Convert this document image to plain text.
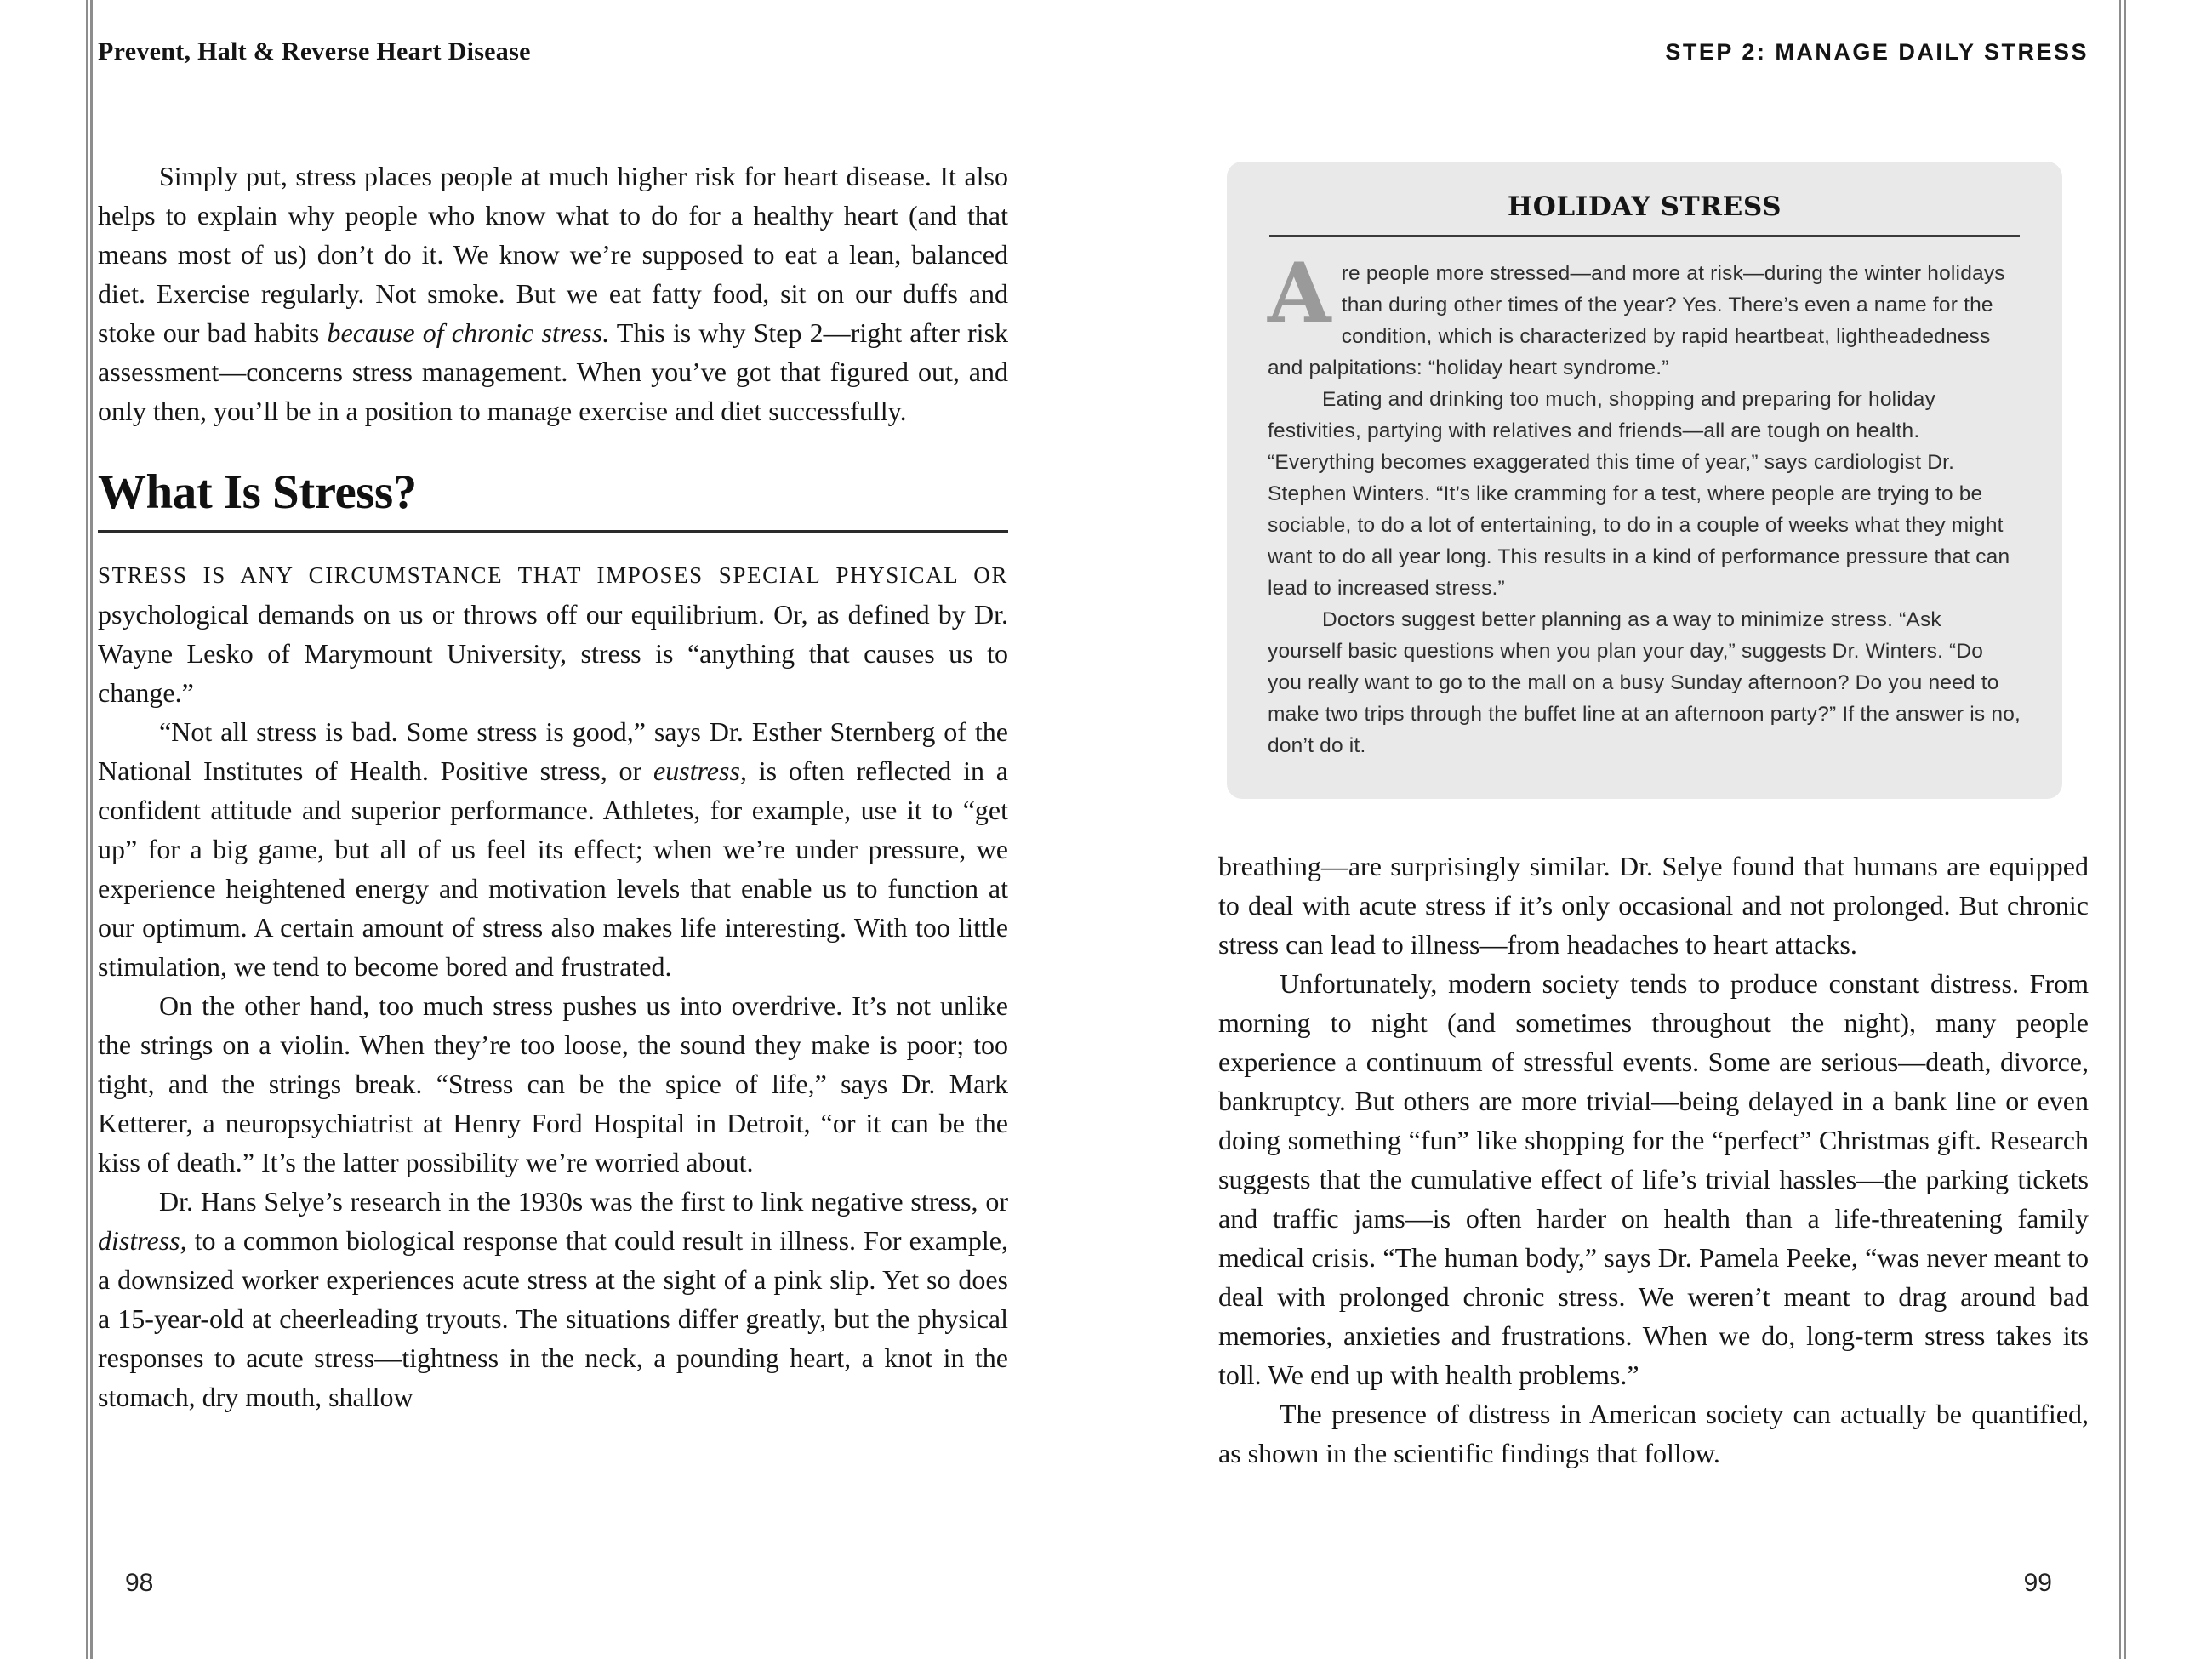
Prevent, Halt & Reverse Heart Disease

Simply put, stress places people at much higher risk for heart disease. It also helps to explain why people who know what to do for a healthy heart (and that means most of us) don’t do it. We know we’re supposed to eat a lean, balanced diet. Exercise regularly. Not smoke. But we eat fatty food, sit on our duffs and stoke our bad habits because of chronic stress. This is why Step 2—right after risk assessment—concerns stress management. When you’ve got that figured out, and only then, you’ll be in a position to manage exercise and diet successfully.

What Is Stress?

STRESS IS ANY CIRCUMSTANCE THAT IMPOSES SPECIAL PHYSICAL OR psychological demands on us or throws off our equilibrium. Or, as defined by Dr. Wayne Lesko of Marymount University, stress is “anything that causes us to change.”

“Not all stress is bad. Some stress is good,” says Dr. Esther Sternberg of the National Institutes of Health. Positive stress, or eustress, is often reflected in a confident attitude and superior performance. Athletes, for example, use it to “get up” for a big game, but all of us feel its effect; when we’re under pressure, we experience heightened energy and motivation levels that enable us to function at our optimum. A certain amount of stress also makes life interesting. With too little stimulation, we tend to become bored and frustrated.

On the other hand, too much stress pushes us into overdrive. It’s not unlike the strings on a violin. When they’re too loose, the sound they make is poor; too tight, and the strings break. “Stress can be the spice of life,” says Dr. Mark Ketterer, a neuropsychiatrist at Henry Ford Hospital in Detroit, “or it can be the kiss of death.” It’s the latter possibility we’re worried about.

Dr. Hans Selye’s research in the 1930s was the first to link negative stress, or distress, to a common biological response that could result in illness. For example, a downsized worker experiences acute stress at the sight of a pink slip. Yet so does a 15-year-old at cheerleading tryouts. The situations differ greatly, but the physical responses to acute stress—tightness in the neck, a pounding heart, a knot in the stomach, dry mouth, shallow

98
STEP 2: MANAGE DAILY STRESS
HOLIDAY STRESS

Are people more stressed—and more at risk—during the winter holidays than during other times of the year? Yes. There’s even a name for the condition, which is characterized by rapid heartbeat, lightheadedness and palpitations: “holiday heart syndrome.”

Eating and drinking too much, shopping and preparing for holiday festivities, partying with relatives and friends—all are tough on health. “Everything becomes exaggerated this time of year,” says cardiologist Dr. Stephen Winters. “It’s like cramming for a test, where people are trying to be sociable, to do a lot of entertaining, to do in a couple of weeks what they might want to do all year long. This results in a kind of performance pressure that can lead to increased stress.”

Doctors suggest better planning as a way to minimize stress. “Ask yourself basic questions when you plan your day,” suggests Dr. Winters. “Do you really want to go to the mall on a busy Sunday afternoon? Do you need to make two trips through the buffet line at an afternoon party?” If the answer is no, don’t do it.

breathing—are surprisingly similar. Dr. Selye found that humans are equipped to deal with acute stress if it’s only occasional and not prolonged. But chronic stress can lead to illness—from headaches to heart attacks.

Unfortunately, modern society tends to produce constant distress. From morning to night (and sometimes throughout the night), many people experience a continuum of stressful events. Some are serious—death, divorce, bankruptcy. But others are more trivial—being delayed in a bank line or even doing something “fun” like shopping for the “perfect” Christmas gift. Research suggests that the cumulative effect of life’s trivial hassles—the parking tickets and traffic jams—is often harder on health than a life-threatening family medical crisis. “The human body,” says Dr. Pamela Peeke, “was never meant to deal with prolonged chronic stress. We weren’t meant to drag around bad memories, anxieties and frustrations. When we do, long-term stress takes its toll. We end up with health problems.”

The presence of distress in American society can actually be quantified, as shown in the scientific findings that follow.

99
